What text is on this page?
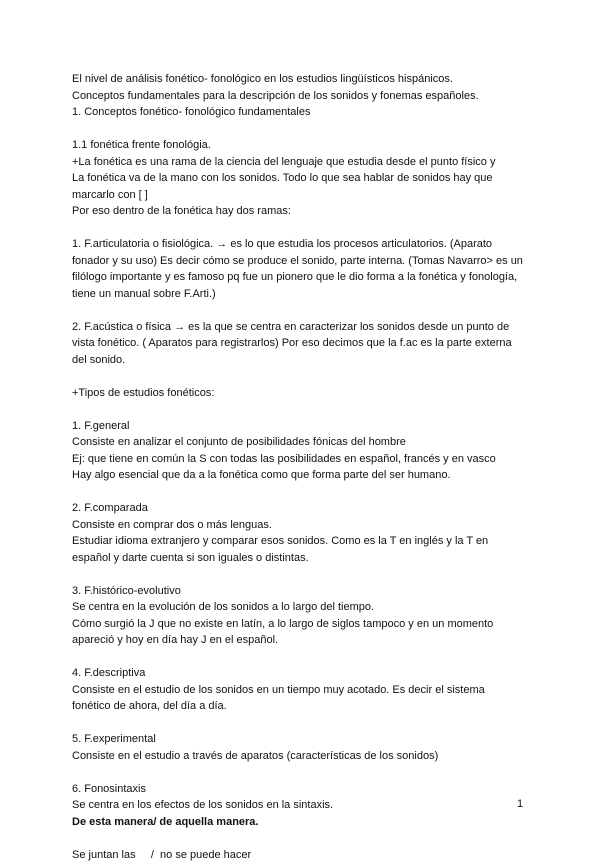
El nivel de análisis fonético- fonológico en los estudios lingüísticos hispánicos.
Conceptos fundamentales para la descripción de los sonidos y fonemas españoles.
1. Conceptos fonético- fonológico fundamentales
1.1 fonética frente fonológia.
+La fonética es una rama de la ciencia del lenguaje que estudia desde el punto físico y
La fonética va de la mano con los sonidos. Todo lo que sea hablar de sonidos hay que
marcarlo con [ ]
Por eso dentro de la fonética hay dos ramas:
1. F.articulatoria o fisiológica. → es lo que estudia los procesos articulatorios. (Aparato
fonador y su uso) Es decir cómo se produce el sonido, parte interna. (Tomas Navarro> es un
filólogo importante y es famoso pq fue un pionero que le dio forma a la fonética y fonología,
tiene un manual sobre F.Arti.)
2. F.acústica o física → es la que se centra en caracterizar los sonidos desde un punto de
vista fonético. ( Aparatos para registrarlos) Por eso decimos que la f.ac es la parte externa
del sonido.
+Tipos de estudios fonéticos:
1. F.general
Consiste en analizar el conjunto de posibilidades fónicas del hombre
Ej: que tiene en común la S con todas las posibilidades en español, francés y en vasco
Hay algo esencial que da a la fonética como que forma parte del ser humano.
2. F.comparada
Consiste en comprar dos o más lenguas.
Estudiar idioma extranjero y comparar esos sonidos. Como es la T en inglés y la T en
español y darte cuenta si son iguales o distintas.
3. F.histórico-evolutivo
Se centra en la evolución de los sonidos a lo largo del tiempo.
Cómo surgió la J que no existe en latín, a lo largo de siglos tampoco y en un momento
apareció y hoy en día hay J en el español.
4. F.descriptiva
Consiste en el estudio de los sonidos en un tiempo muy acotado. Es decir el sistema
fonético de ahora, del día a día.
5. F.experimental
Consiste en el estudio a través de aparatos (características de los sonidos)
6. Fonosintaxis
Se centra en los efectos de los sonidos en la sintaxis.
De esta manera/ de aquella manera.
Se juntan las     /  no se puede hacer
1
